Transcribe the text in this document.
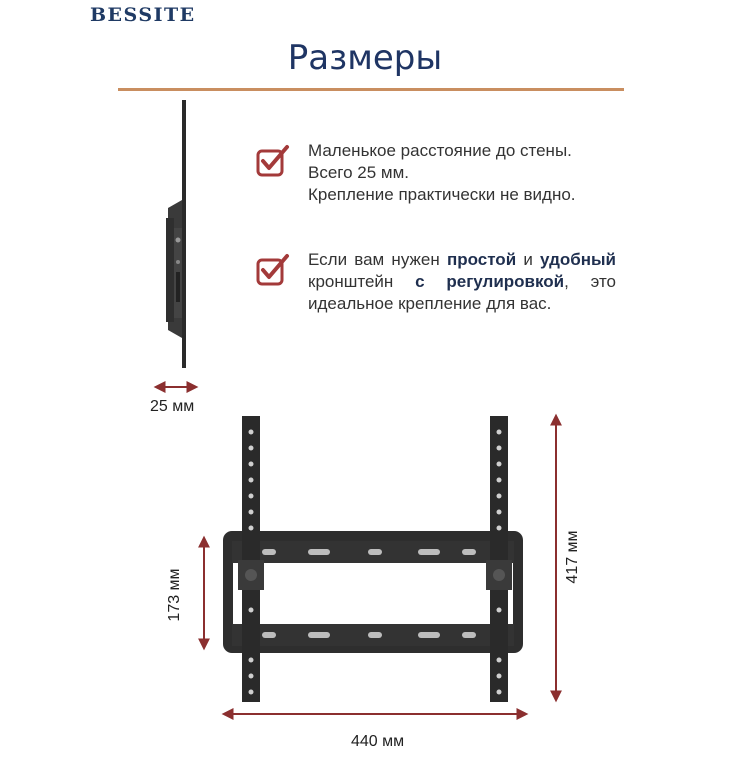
BESSITE
Размеры

Маленькое расстояние до стены.
Всего 25 мм.
Крепление практически не видно.

Если вам нужен простой и удобный кронштейн с регулировкой, это идеальное крепление для вас.

25 мм
440 мм
417 мм
173 мм
